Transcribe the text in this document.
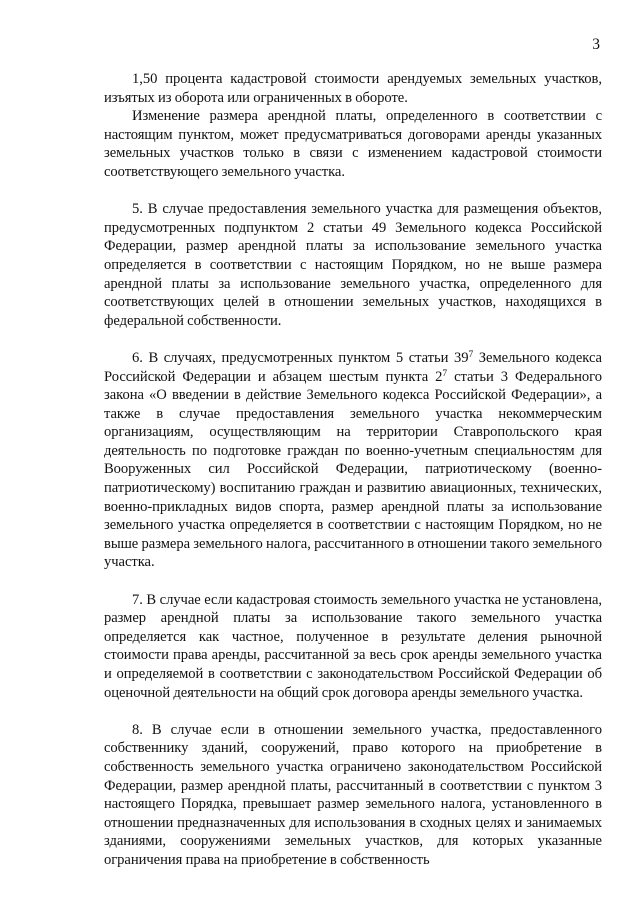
3

1,50 процента кадастровой стоимости арендуемых земельных участков, изъятых из оборота или ограниченных в обороте.

Изменение размера арендной платы, определенного в соответствии с настоящим пунктом, может предусматриваться договорами аренды указанных земельных участков только в связи с изменением кадастровой стоимости соответствующего земельного участка.

5. В случае предоставления земельного участка для размещения объектов, предусмотренных подпунктом 2 статьи 49 Земельного кодекса Российской Федерации, размер арендной платы за использование земельного участка определяется в соответствии с настоящим Порядком, но не выше размера арендной платы за использование земельного участка, определенного для соответствующих целей в отношении земельных участков, находящихся в федеральной собственности.

6. В случаях, предусмотренных пунктом 5 статьи $39^7$ Земельного кодекса Российской Федерации и абзацем шестым пункта $2^7$ статьи 3 Федерального закона «О введении в действие Земельного кодекса Российской Федерации», а также в случае предоставления земельного участка некоммерческим организациям, осуществляющим на территории Ставропольского края деятельность по подготовке граждан по военно-учетным специальностям для Вооруженных сил Российской Федерации, патриотическому (военно-патриотическому) воспитанию граждан и развитию авиационных, технических, военно-прикладных видов спорта, размер арендной платы за использование земельного участка определяется в соответствии с настоящим Порядком, но не выше размера земельного налога, рассчитанного в отношении такого земельного участка.

7. В случае если кадастровая стоимость земельного участка не установлена, размер арендной платы за использование такого земельного участка определяется как частное, полученное в результате деления рыночной стоимости права аренды, рассчитанной за весь срок аренды земельного участка и определяемой в соответствии с законодательством Российской Федерации об оценочной деятельности на общий срок договора аренды земельного участка.

8. В случае если в отношении земельного участка, предоставленного собственнику зданий, сооружений, право которого на приобретение в собственность земельного участка ограничено законодательством Российской Федерации, размер арендной платы, рассчитанный в соответствии с пунктом 3 настоящего Порядка, превышает размер земельного налога, установленного в отношении предназначенных для использования в сходных целях и занимаемых зданиями, сооружениями земельных участков, для которых указанные ограничения права на приобретение в собственность
